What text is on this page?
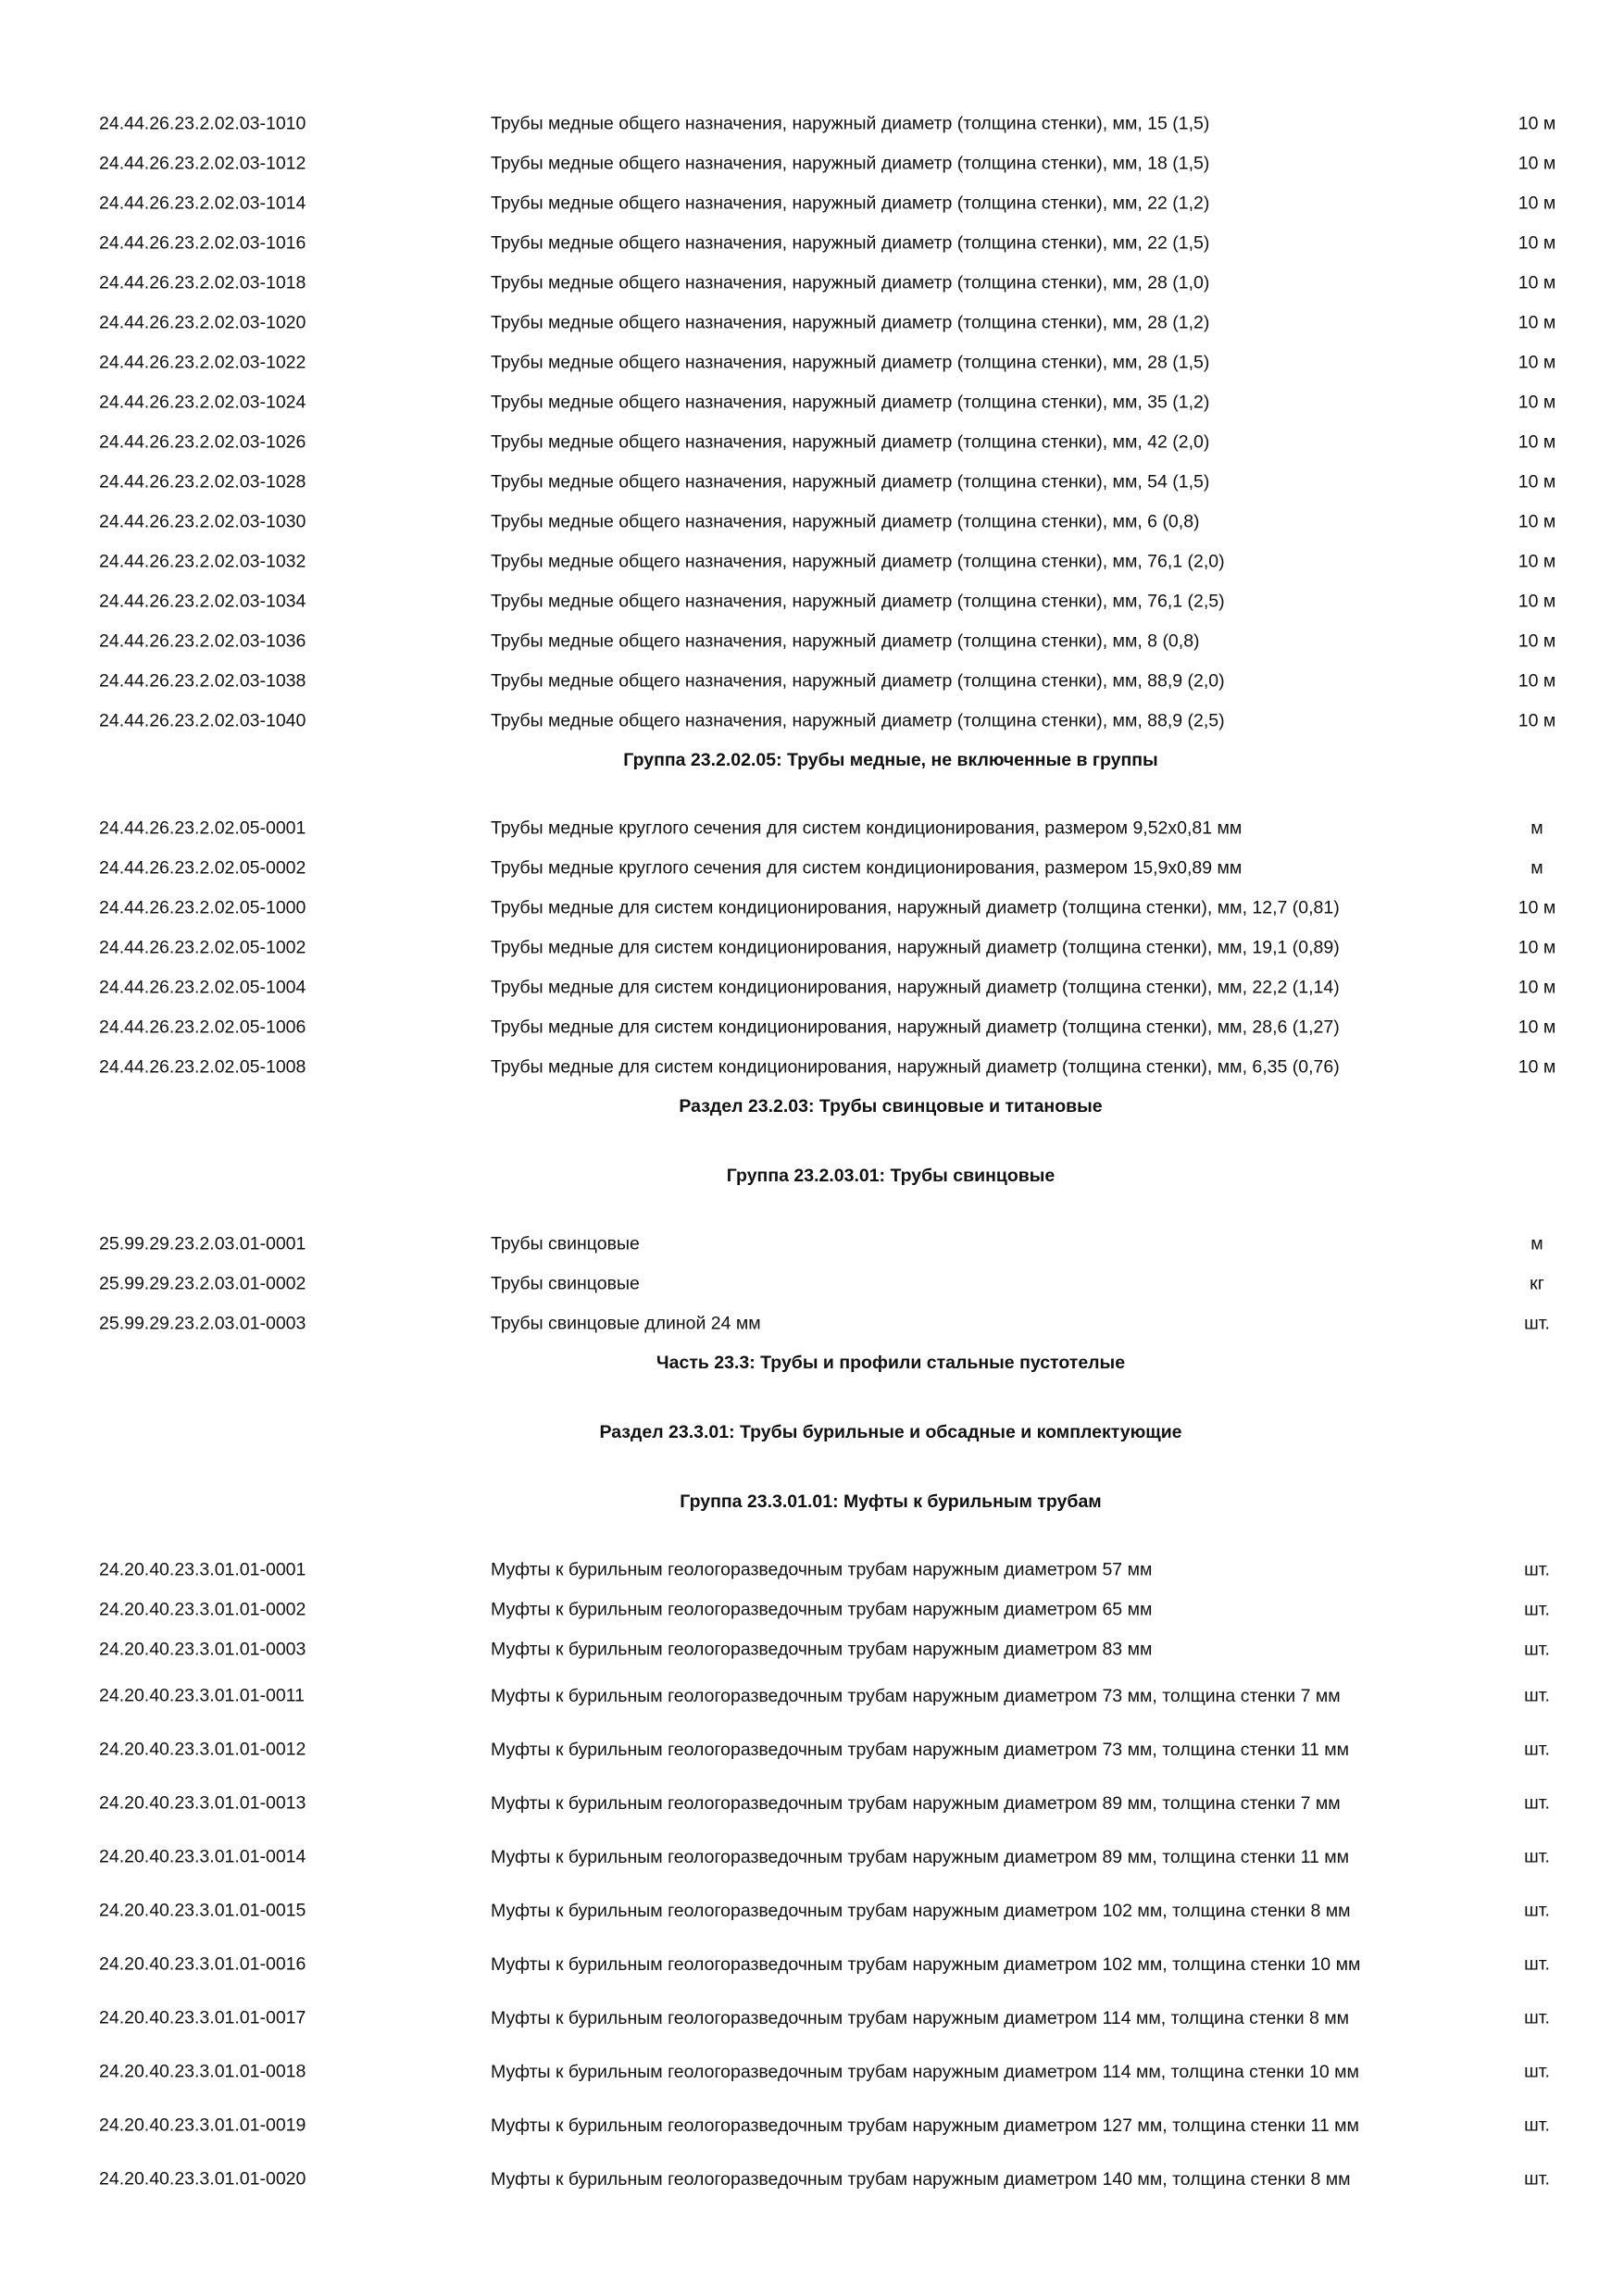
24.44.26.23.2.02.03-1010	Трубы медные общего назначения, наружный диаметр (толщина стенки), мм, 15 (1,5)	10 м
24.44.26.23.2.02.03-1012	Трубы медные общего назначения, наружный диаметр (толщина стенки), мм, 18 (1,5)	10 м
24.44.26.23.2.02.03-1014	Трубы медные общего назначения, наружный диаметр (толщина стенки), мм, 22 (1,2)	10 м
24.44.26.23.2.02.03-1016	Трубы медные общего назначения, наружный диаметр (толщина стенки), мм, 22 (1,5)	10 м
24.44.26.23.2.02.03-1018	Трубы медные общего назначения, наружный диаметр (толщина стенки), мм, 28 (1,0)	10 м
24.44.26.23.2.02.03-1020	Трубы медные общего назначения, наружный диаметр (толщина стенки), мм, 28 (1,2)	10 м
24.44.26.23.2.02.03-1022	Трубы медные общего назначения, наружный диаметр (толщина стенки), мм, 28 (1,5)	10 м
24.44.26.23.2.02.03-1024	Трубы медные общего назначения, наружный диаметр (толщина стенки), мм, 35 (1,2)	10 м
24.44.26.23.2.02.03-1026	Трубы медные общего назначения, наружный диаметр (толщина стенки), мм, 42 (2,0)	10 м
24.44.26.23.2.02.03-1028	Трубы медные общего назначения, наружный диаметр (толщина стенки), мм, 54 (1,5)	10 м
24.44.26.23.2.02.03-1030	Трубы медные общего назначения, наружный диаметр (толщина стенки), мм, 6 (0,8)	10 м
24.44.26.23.2.02.03-1032	Трубы медные общего назначения, наружный диаметр (толщина стенки), мм, 76,1 (2,0)	10 м
24.44.26.23.2.02.03-1034	Трубы медные общего назначения, наружный диаметр (толщина стенки), мм, 76,1 (2,5)	10 м
24.44.26.23.2.02.03-1036	Трубы медные общего назначения, наружный диаметр (толщина стенки), мм, 8 (0,8)	10 м
24.44.26.23.2.02.03-1038	Трубы медные общего назначения, наружный диаметр (толщина стенки), мм, 88,9 (2,0)	10 м
24.44.26.23.2.02.03-1040	Трубы медные общего назначения, наружный диаметр (толщина стенки), мм, 88,9 (2,5)	10 м
Группа 23.2.02.05: Трубы медные, не включенные в группы
24.44.26.23.2.02.05-0001	Трубы медные круглого сечения для систем кондиционирования, размером 9,52х0,81 мм	м
24.44.26.23.2.02.05-0002	Трубы медные круглого сечения для систем кондиционирования, размером 15,9х0,89 мм	м
24.44.26.23.2.02.05-1000	Трубы медные для систем кондиционирования, наружный диаметр (толщина стенки), мм, 12,7 (0,81)	10 м
24.44.26.23.2.02.05-1002	Трубы медные для систем кондиционирования, наружный диаметр (толщина стенки), мм, 19,1 (0,89)	10 м
24.44.26.23.2.02.05-1004	Трубы медные для систем кондиционирования, наружный диаметр (толщина стенки), мм, 22,2 (1,14)	10 м
24.44.26.23.2.02.05-1006	Трубы медные для систем кондиционирования, наружный диаметр (толщина стенки), мм, 28,6 (1,27)	10 м
24.44.26.23.2.02.05-1008	Трубы медные для систем кондиционирования, наружный диаметр (толщина стенки), мм, 6,35 (0,76)	10 м
Раздел 23.2.03: Трубы свинцовые и титановые
Группа 23.2.03.01: Трубы свинцовые
25.99.29.23.2.03.01-0001	Трубы свинцовые	м
25.99.29.23.2.03.01-0002	Трубы свинцовые	кг
25.99.29.23.2.03.01-0003	Трубы свинцовые длиной 24 мм	шт.
Часть 23.3: Трубы и профили стальные пустотелые
Раздел 23.3.01: Трубы бурильные и обсадные и комплектующие
Группа 23.3.01.01: Муфты к бурильным трубам
24.20.40.23.3.01.01-0001	Муфты к бурильным геологоразведочным трубам наружным диаметром 57 мм	шт.
24.20.40.23.3.01.01-0002	Муфты к бурильным геологоразведочным трубам наружным диаметром 65 мм	шт.
24.20.40.23.3.01.01-0003	Муфты к бурильным геологоразведочным трубам наружным диаметром 83 мм	шт.
24.20.40.23.3.01.01-0011	Муфты к бурильным геологоразведочным трубам наружным диаметром 73 мм, толщина стенки 7 мм	шт.
24.20.40.23.3.01.01-0012	Муфты к бурильным геологоразведочным трубам наружным диаметром 73 мм, толщина стенки 11 мм	шт.
24.20.40.23.3.01.01-0013	Муфты к бурильным геологоразведочным трубам наружным диаметром 89 мм, толщина стенки 7 мм	шт.
24.20.40.23.3.01.01-0014	Муфты к бурильным геологоразведочным трубам наружным диаметром 89 мм, толщина стенки 11 мм	шт.
24.20.40.23.3.01.01-0015	Муфты к бурильным геологоразведочным трубам наружным диаметром 102 мм, толщина стенки 8 мм	шт.
24.20.40.23.3.01.01-0016	Муфты к бурильным геологоразведочным трубам наружным диаметром 102 мм, толщина стенки 10 мм	шт.
24.20.40.23.3.01.01-0017	Муфты к бурильным геологоразведочным трубам наружным диаметром 114 мм, толщина стенки 8 мм	шт.
24.20.40.23.3.01.01-0018	Муфты к бурильным геологоразведочным трубам наружным диаметром 114 мм, толщина стенки 10 мм	шт.
24.20.40.23.3.01.01-0019	Муфты к бурильным геологоразведочным трубам наружным диаметром 127 мм, толщина стенки 11 мм	шт.
24.20.40.23.3.01.01-0020	Муфты к бурильным геологоразведочным трубам наружным диаметром 140 мм, толщина стенки 8 мм	шт.
